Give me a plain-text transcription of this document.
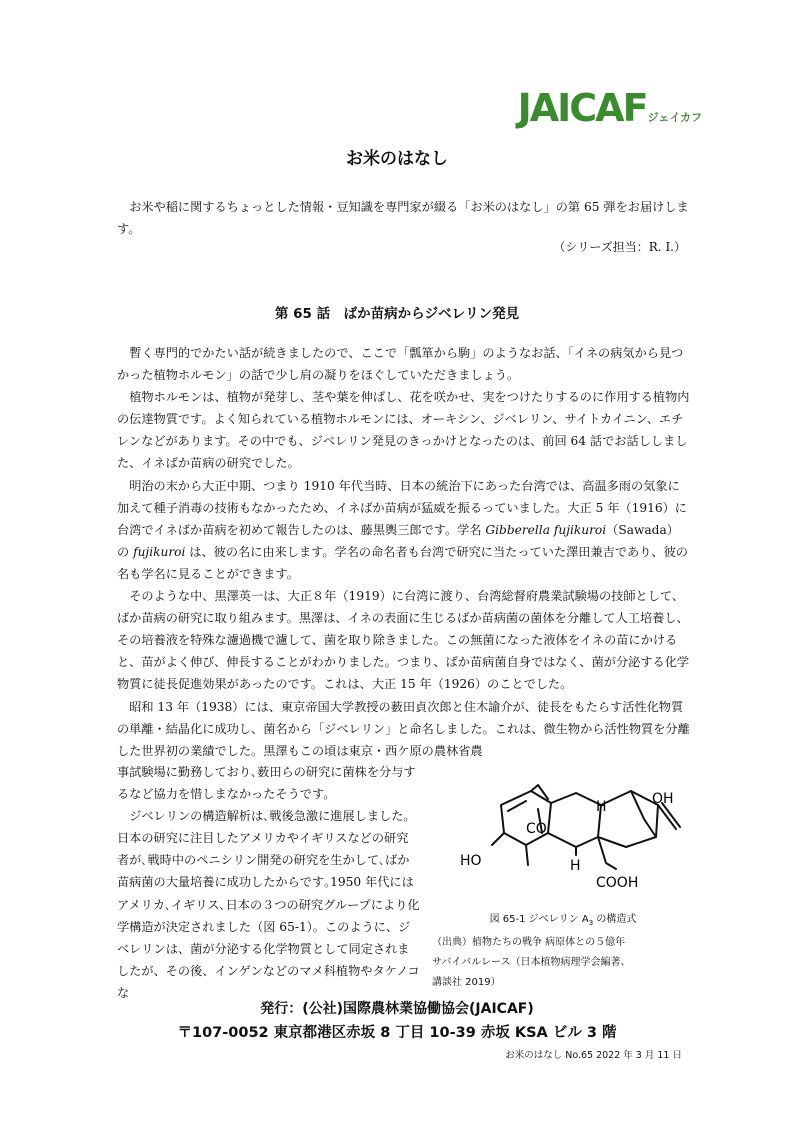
JAICAF ジェイカフ
お米のはなし

お米や稲に関するちょっとした情報・豆知識を専門家が綴る「お米のはなし」の第 65 弾をお届けします。

（シリーズ担当：R. I.）
第 65 話　ばか苗病からジベレリン発見

暫く専門的でかたい話が続きましたので、ここで「瓢箪から駒」のようなお話、「イネの病気から見つかった植物ホルモン」の話で少し肩の凝りをほぐしていただきましょう。

植物ホルモンは、植物が発芽し、茎や葉を伸ばし、花を咲かせ、実をつけたりするのに作用する植物内の伝達物質です。よく知られている植物ホルモンには、オーキシン、ジベレリン、サイトカイニン、エチレンなどがあります。その中でも、ジベレリン発見のきっかけとなったのは、前回 64 話でお話ししました、イネばか苗病の研究でした。

明治の末から大正中期、つまり 1910 年代当時、日本の統治下にあった台湾では、高温多雨の気象に加えて種子消毒の技術もなかったため、イネばか苗病が猛威を振るっていました。大正 5 年（1916）に台湾でイネばか苗病を初めて報告したのは、藤黒輿三郎です。学名 Gibberella fujikuroi（Sawada）の fujikuroi は、彼の名に由来します。学名の命名者も台湾で研究に当たっていた澤田兼吉であり、彼の名も学名に見ることができます。

そのような中、黒澤英一は、大正８年（1919）に台湾に渡り、台湾総督府農業試験場の技師として、ばか苗病の研究に取り組みます。黒澤は、イネの表面に生じるばか苗病菌の菌体を分離して人工培養し、その培養液を特殊な濾過機で濾して、菌を取り除きました。この無菌になった液体をイネの苗にかけると、苗がよく伸び、伸長することがわかりました。つまり、ばか苗病菌自身ではなく、菌が分泌する化学物質に徒長促進効果があったのです。これは、大正 15 年（1926）のことでした。

昭和 13 年（1938）には、東京帝国大学教授の薮田貞次郎と住木諭介が、徒長をもたらす活性化物質の単離・結晶化に成功し、菌名から「ジベレリン」と命名しました。これは、微生物から活性物質を分離した世界初の業績でした。黒澤もこの頃は東京・西ケ原の農林省農

事試験場に勤務しており､薮田らの研究に菌株を分与するなど協力を惜しまなかったそうです。

ジベレリンの構造解析は､戦後急激に進展しました｡日本の研究に注目したアメリカやイギリスなどの研究者が､戦時中のペニシリン開発の研究を生かして､ばか苗病菌の大量培養に成功したからです｡1950 年代にはアメリカ､イギリス､日本の３つの研究グループにより化学構造が決定されました（図 65-1）。このように、ジベレリンは、菌が分泌する化学物質として同定されましたが、その後、インゲンなどのマメ科植物やタケノコな

OH
H
CO
HO	H
COOH
図 65-1 ジベレリン $A_3$ の構造式
（出典）植物たちの戦争 病原体との５億年
サバイバルレース（日本植物病理学会編著、
講談社 2019）
発行：(公社)国際農林業協働協会(JAICAF)
〒107-0052 東京都港区赤坂 8 丁目 10-39 赤坂 KSA ビル 3 階
お米のはなし No.65 2022 年 3 月 11 日
